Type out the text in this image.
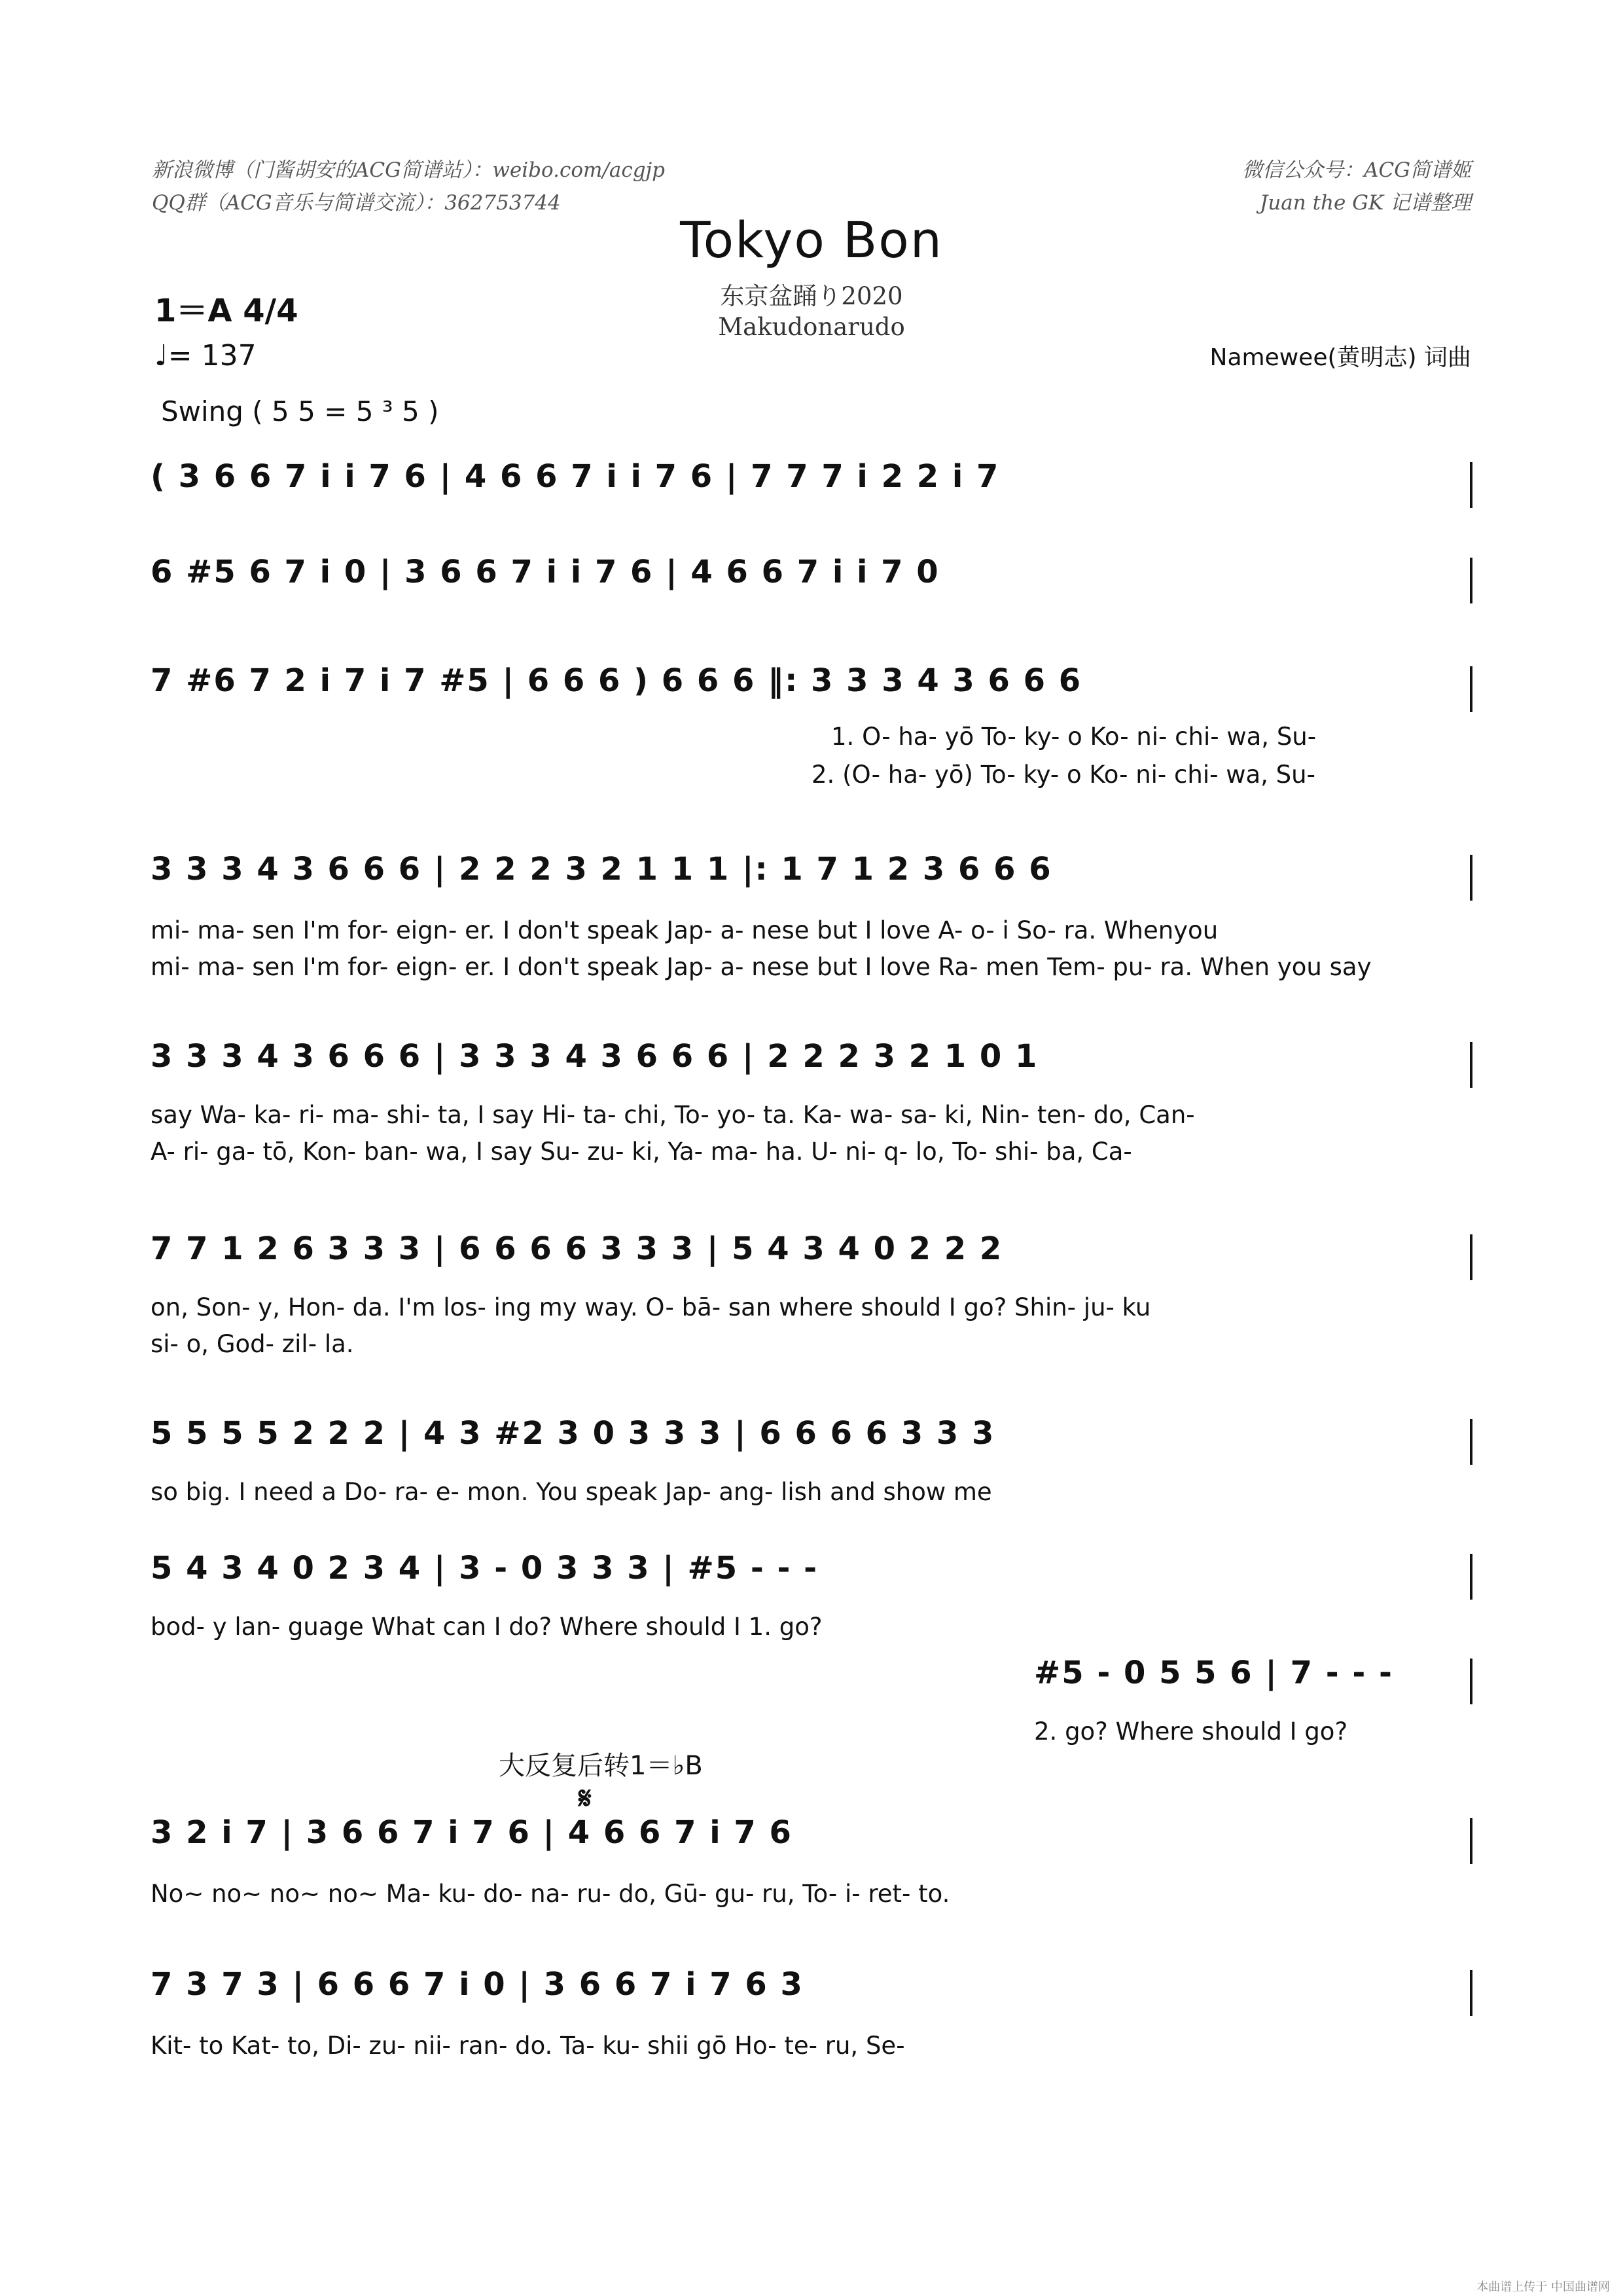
新浪微博（门酱胡安的ACG简谱站）：weibo.com/acgjp
QQ群（ACG音乐与简谱交流）：362753744
微信公众号：ACG简谱姬
Juan the GK 记谱整理
Tokyo Bon
东京盆踊り2020
Makudonarudo
1＝A 4/4
♩= 137	Namewee(黄明志) 词曲
Swing ( 5 5 = 5 ³ 5 )
( 3 6 6 7 i i 7 6 | 4 6 6 7 i i 7 6 | 7 7 7 i 2 2 i 7
6 #5 6 7 i 0 | 3 6 6 7 i i 7 6 | 4 6 6 7 i i 7 0
7 #6 7 2 i 7 i 7 #5 | 6 6 6 ) 6 6 6 ‖: 3 3 3 4 3 6 6 6
1. O- ha- yō To- ky- o Ko- ni- chi- wa, Su-
2. (O- ha- yō) To- ky- o Ko- ni- chi- wa, Su-
3 3 3 4 3 6 6 6 | 2 2 2 3 2 1 1 1 |: 1 7 1 2 3 6 6 6
mi- ma- sen I'm for- eign- er. I don't speak Jap- a- nese but I love A- o- i So- ra. Whenyou
mi- ma- sen I'm for- eign- er. I don't speak Jap- a- nese but I love Ra- men Tem- pu- ra. When you say
3 3 3 4 3 6 6 6 | 3 3 3 4 3 6 6 6 | 2 2 2 3 2 1 0 1
say Wa- ka- ri- ma- shi- ta, I say Hi- ta- chi, To- yo- ta. Ka- wa- sa- ki, Nin- ten- do, Can-
A- ri- ga- tō, Kon- ban- wa, I say Su- zu- ki, Ya- ma- ha. U- ni- q- lo, To- shi- ba, Ca-
7 7 1 2 6 3 3 3 | 6 6 6 6 3 3 3 | 5 4 3 4 0 2 2 2
on, Son- y, Hon- da. I'm los- ing my way. O- bā- san where should I go? Shin- ju- ku
si- o, God- zil- la.
5 5 5 5 2 2 2 | 4 3 #2 3 0 3 3 3 | 6 6 6 6 3 3 3
so big. I need a Do- ra- e- mon. You speak Jap- ang- lish and show me
5 4 3 4 0 2 3 4 | 3 - 0 3 3 3 | #5 - - -
bod- y lan- guage What can I do? Where should I 1. go?
#5 - 0 5 5 6 | 7 - - -
2. go? Where should I go?
大反复后转1＝♭B
𝄋
3 2 i 7 | 3 6 6 7 i 7 6 | 4 6 6 7 i 7 6
No~ no~ no~ no~ Ma- ku- do- na- ru- do, Gū- gu- ru, To- i- ret- to.
7 3 7 3 | 6 6 6 7 i 0 | 3 6 6 7 i 7 6 3
Kit- to Kat- to, Di- zu- nii- ran- do. Ta- ku- shii gō Ho- te- ru, Se-
本曲谱上传于 中国曲谱网
